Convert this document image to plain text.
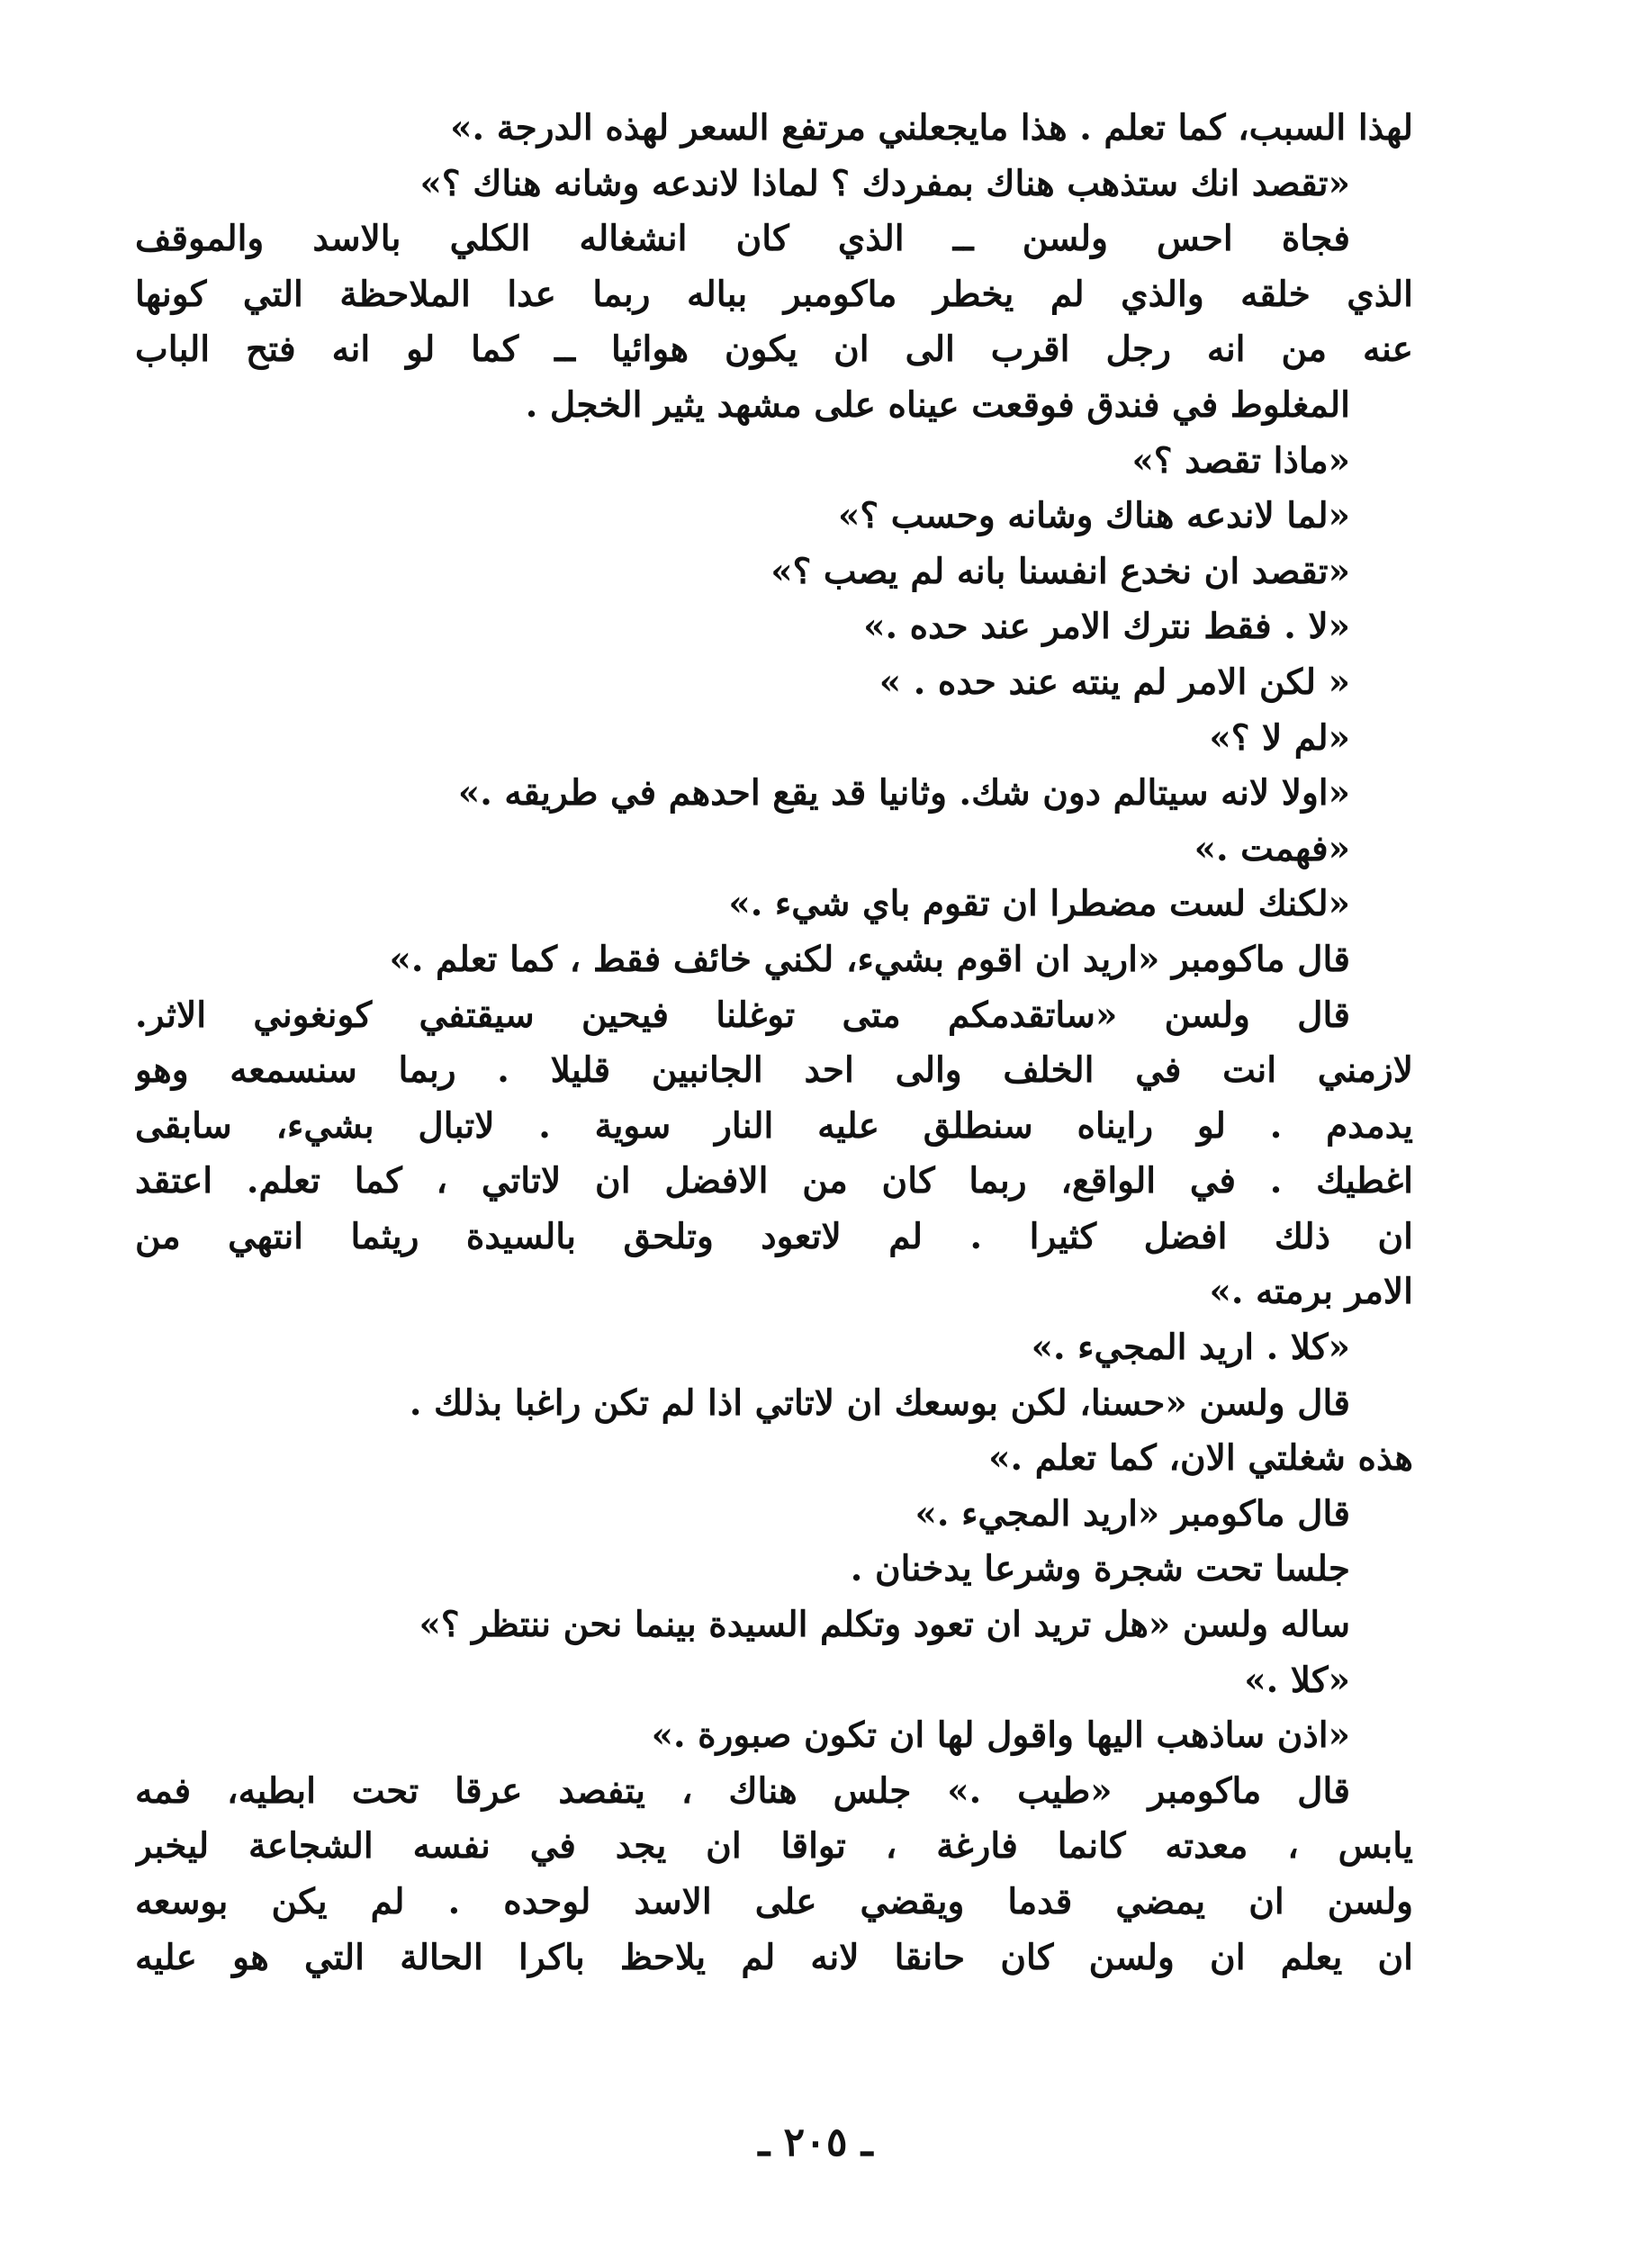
لهذا السبب، كما تعلم . هذا مايجعلني مرتفع السعر لهذه الدرجة .»
«تقصد انك ستذهب هناك بمفردك ؟ لماذا لاندعه وشانه هناك ؟»
فجاة احس ولسن ــ الذي كان انشغاله الكلي بالاسد والموقف
الذي خلقه والذي لم يخطر ماكومبر بباله ربما عدا الملاحظة التي كونها
عنه من انه رجل اقرب الى ان يكون هوائيا ــ كما لو انه فتح الباب
المغلوط في فندق فوقعت عيناه على مشهد يثير الخجل .
«ماذا تقصد ؟»
«لما لاندعه هناك وشانه وحسب ؟»
«تقصد ان نخدع انفسنا بانه لم يصب ؟»
«لا . فقط نترك الامر عند حده .»
« لكن الامر لم ينته عند حده . »
«لم لا ؟»
«اولا لانه سيتالم دون شك. وثانيا قد يقع احدهم في طريقه .»
«فهمت .»
«لكنك لست مضطرا ان تقوم باي شيء .»
قال ماكومبر «اريد ان اقوم بشيء، لكني خائف فقط ، كما تعلم .»
قال ولسن «ساتقدمكم متى توغلنا فيحين سيقتفي كونغوني الاثر.
لازمني انت في الخلف والى احد الجانبين قليلا . ربما سنسمعه وهو
يدمدم . لو رايناه سنطلق عليه النار سوية . لاتبال بشيء، سابقى
اغطيك . في الواقع، ربما كان من الافضل ان لاتاتي ، كما تعلم. اعتقد
ان ذلك افضل كثيرا . لم لاتعود وتلحق بالسيدة ريثما انتهي من
الامر برمته .»
«كلا . اريد المجيء .»
قال ولسن «حسنا، لكن بوسعك ان لاتاتي اذا لم تكن راغبا بذلك .
هذه شغلتي الان، كما تعلم .»
قال ماكومبر «اريد المجيء .»
جلسا تحت شجرة وشرعا يدخنان .
ساله ولسن «هل تريد ان تعود وتكلم السيدة بينما نحن ننتظر ؟»
«كلا .»
«اذن ساذهب اليها واقول لها ان تكون صبورة .»
قال ماكومبر «طيب .» جلس هناك ، يتفصد عرقا تحت ابطيه، فمه
يابس ، معدته كانما فارغة ، تواقا ان يجد في نفسه الشجاعة ليخبر
ولسن ان يمضي قدما ويقضي على الاسد لوحده . لم يكن بوسعه
ان يعلم ان ولسن كان حانقا لانه لم يلاحظ باكرا الحالة التي هو عليه
ـ ٢٠٥ ـ
